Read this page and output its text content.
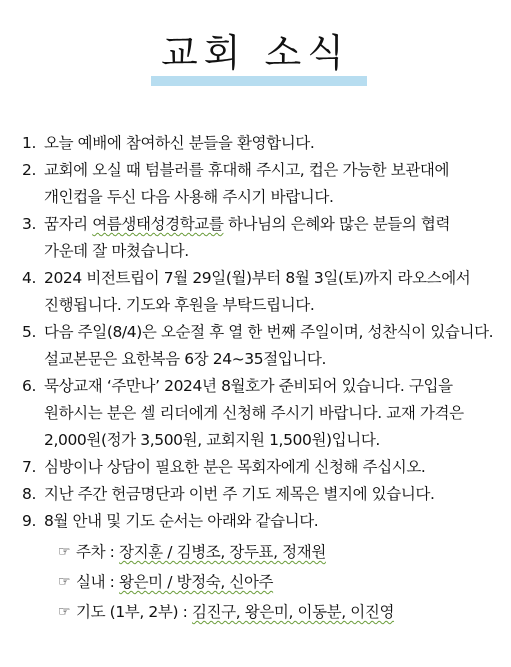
교회 소식
1. 오늘 예배에 참여하신 분들을 환영합니다.
2. 교회에 오실 때 텀블러를 휴대해 주시고, 컵은 가능한 보관대에 개인컵을 두신 다음 사용해 주시기 바랍니다.
3. 꿈자리 여름생태성경학교를 하나님의 은혜와 많은 분들의 협력 가운데 잘 마쳤습니다.
4. 2024 비전트립이 7월 29일(월)부터 8월 3일(토)까지 라오스에서 진행됩니다. 기도와 후원을 부탁드립니다.
5. 다음 주일(8/4)은 오순절 후 열 한 번째 주일이며, 성찬식이 있습니다. 설교본문은 요한복음 6장 24~35절입니다.
6. 묵상교재 ‘주만나’ 2024년 8월호가 준비되어 있습니다. 구입을 원하시는 분은 셀 리더에게 신청해 주시기 바랍니다. 교재 가격은 2,000원(정가 3,500원, 교회지원 1,500원)입니다.
7. 심방이나 상담이 필요한 분은 목회자에게 신청해 주십시오.
8. 지난 주간 헌금명단과 이번 주 기도 제목은 별지에 있습니다.
9. 8월 안내 및 기도 순서는 아래와 같습니다.
☞ 주차 : 장지훈 / 김병조, 장두표, 정재원
☞ 실내 : 왕은미 / 방정숙, 신아주
☞ 기도 (1부, 2부) : 김진구, 왕은미, 이동분, 이진영
